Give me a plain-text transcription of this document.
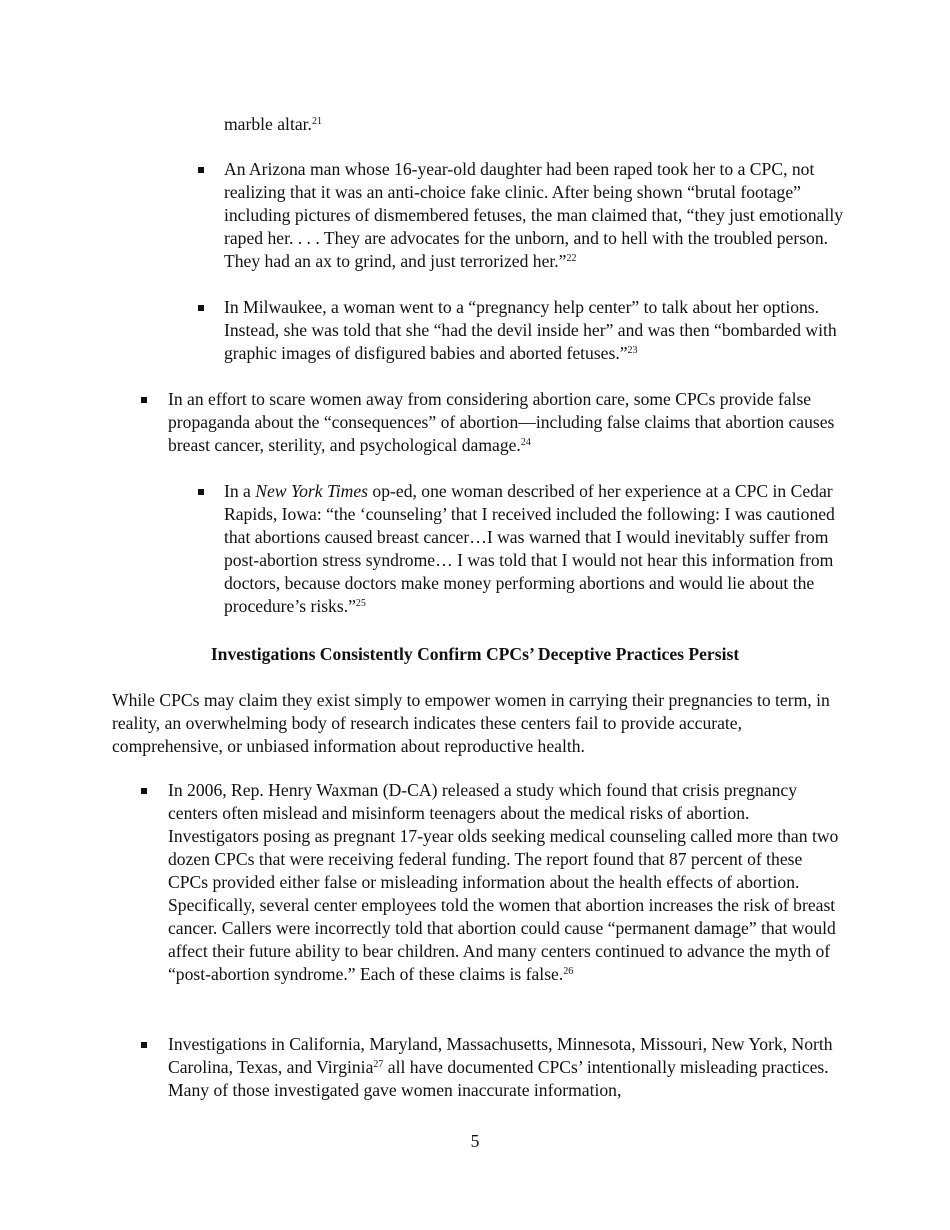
marble altar.$^{21}$

An Arizona man whose 16-year-old daughter had been raped took her to a CPC, not realizing that it was an anti-choice fake clinic. After being shown “brutal footage” including pictures of dismembered fetuses, the man claimed that, “they just emotionally raped her. . . . They are advocates for the unborn, and to hell with the troubled person. They had an ax to grind, and just terrorized her.”$^{22}$

In Milwaukee, a woman went to a “pregnancy help center” to talk about her options. Instead, she was told that she “had the devil inside her” and was then “bombarded with graphic images of disfigured babies and aborted fetuses.”$^{23}$

In an effort to scare women away from considering abortion care, some CPCs provide false propaganda about the “consequences” of abortion—including false claims that abortion causes breast cancer, sterility, and psychological damage.$^{24}$

In a New York Times op-ed, one woman described of her experience at a CPC in Cedar Rapids, Iowa: “the ‘counseling’ that I received included the following: I was cautioned that abortions caused breast cancer…I was warned that I would inevitably suffer from post-abortion stress syndrome… I was told that I would not hear this information from doctors, because doctors make money performing abortions and would lie about the procedure’s risks.”$^{25}$

Investigations Consistently Confirm CPCs’ Deceptive Practices Persist

While CPCs may claim they exist simply to empower women in carrying their pregnancies to term, in reality, an overwhelming body of research indicates these centers fail to provide accurate, comprehensive, or unbiased information about reproductive health.

In 2006, Rep. Henry Waxman (D-CA) released a study which found that crisis pregnancy centers often mislead and misinform teenagers about the medical risks of abortion. Investigators posing as pregnant 17-year olds seeking medical counseling called more than two dozen CPCs that were receiving federal funding. The report found that 87 percent of these CPCs provided either false or misleading information about the health effects of abortion. Specifically, several center employees told the women that abortion increases the risk of breast cancer. Callers were incorrectly told that abortion could cause “permanent damage” that would affect their future ability to bear children. And many centers continued to advance the myth of “post-abortion syndrome.” Each of these claims is false.$^{26}$

Investigations in California, Maryland, Massachusetts, Minnesota, Missouri, New York, North Carolina, Texas, and Virginia$^{27}$ all have documented CPCs’ intentionally misleading practices. Many of those investigated gave women inaccurate information,

5
